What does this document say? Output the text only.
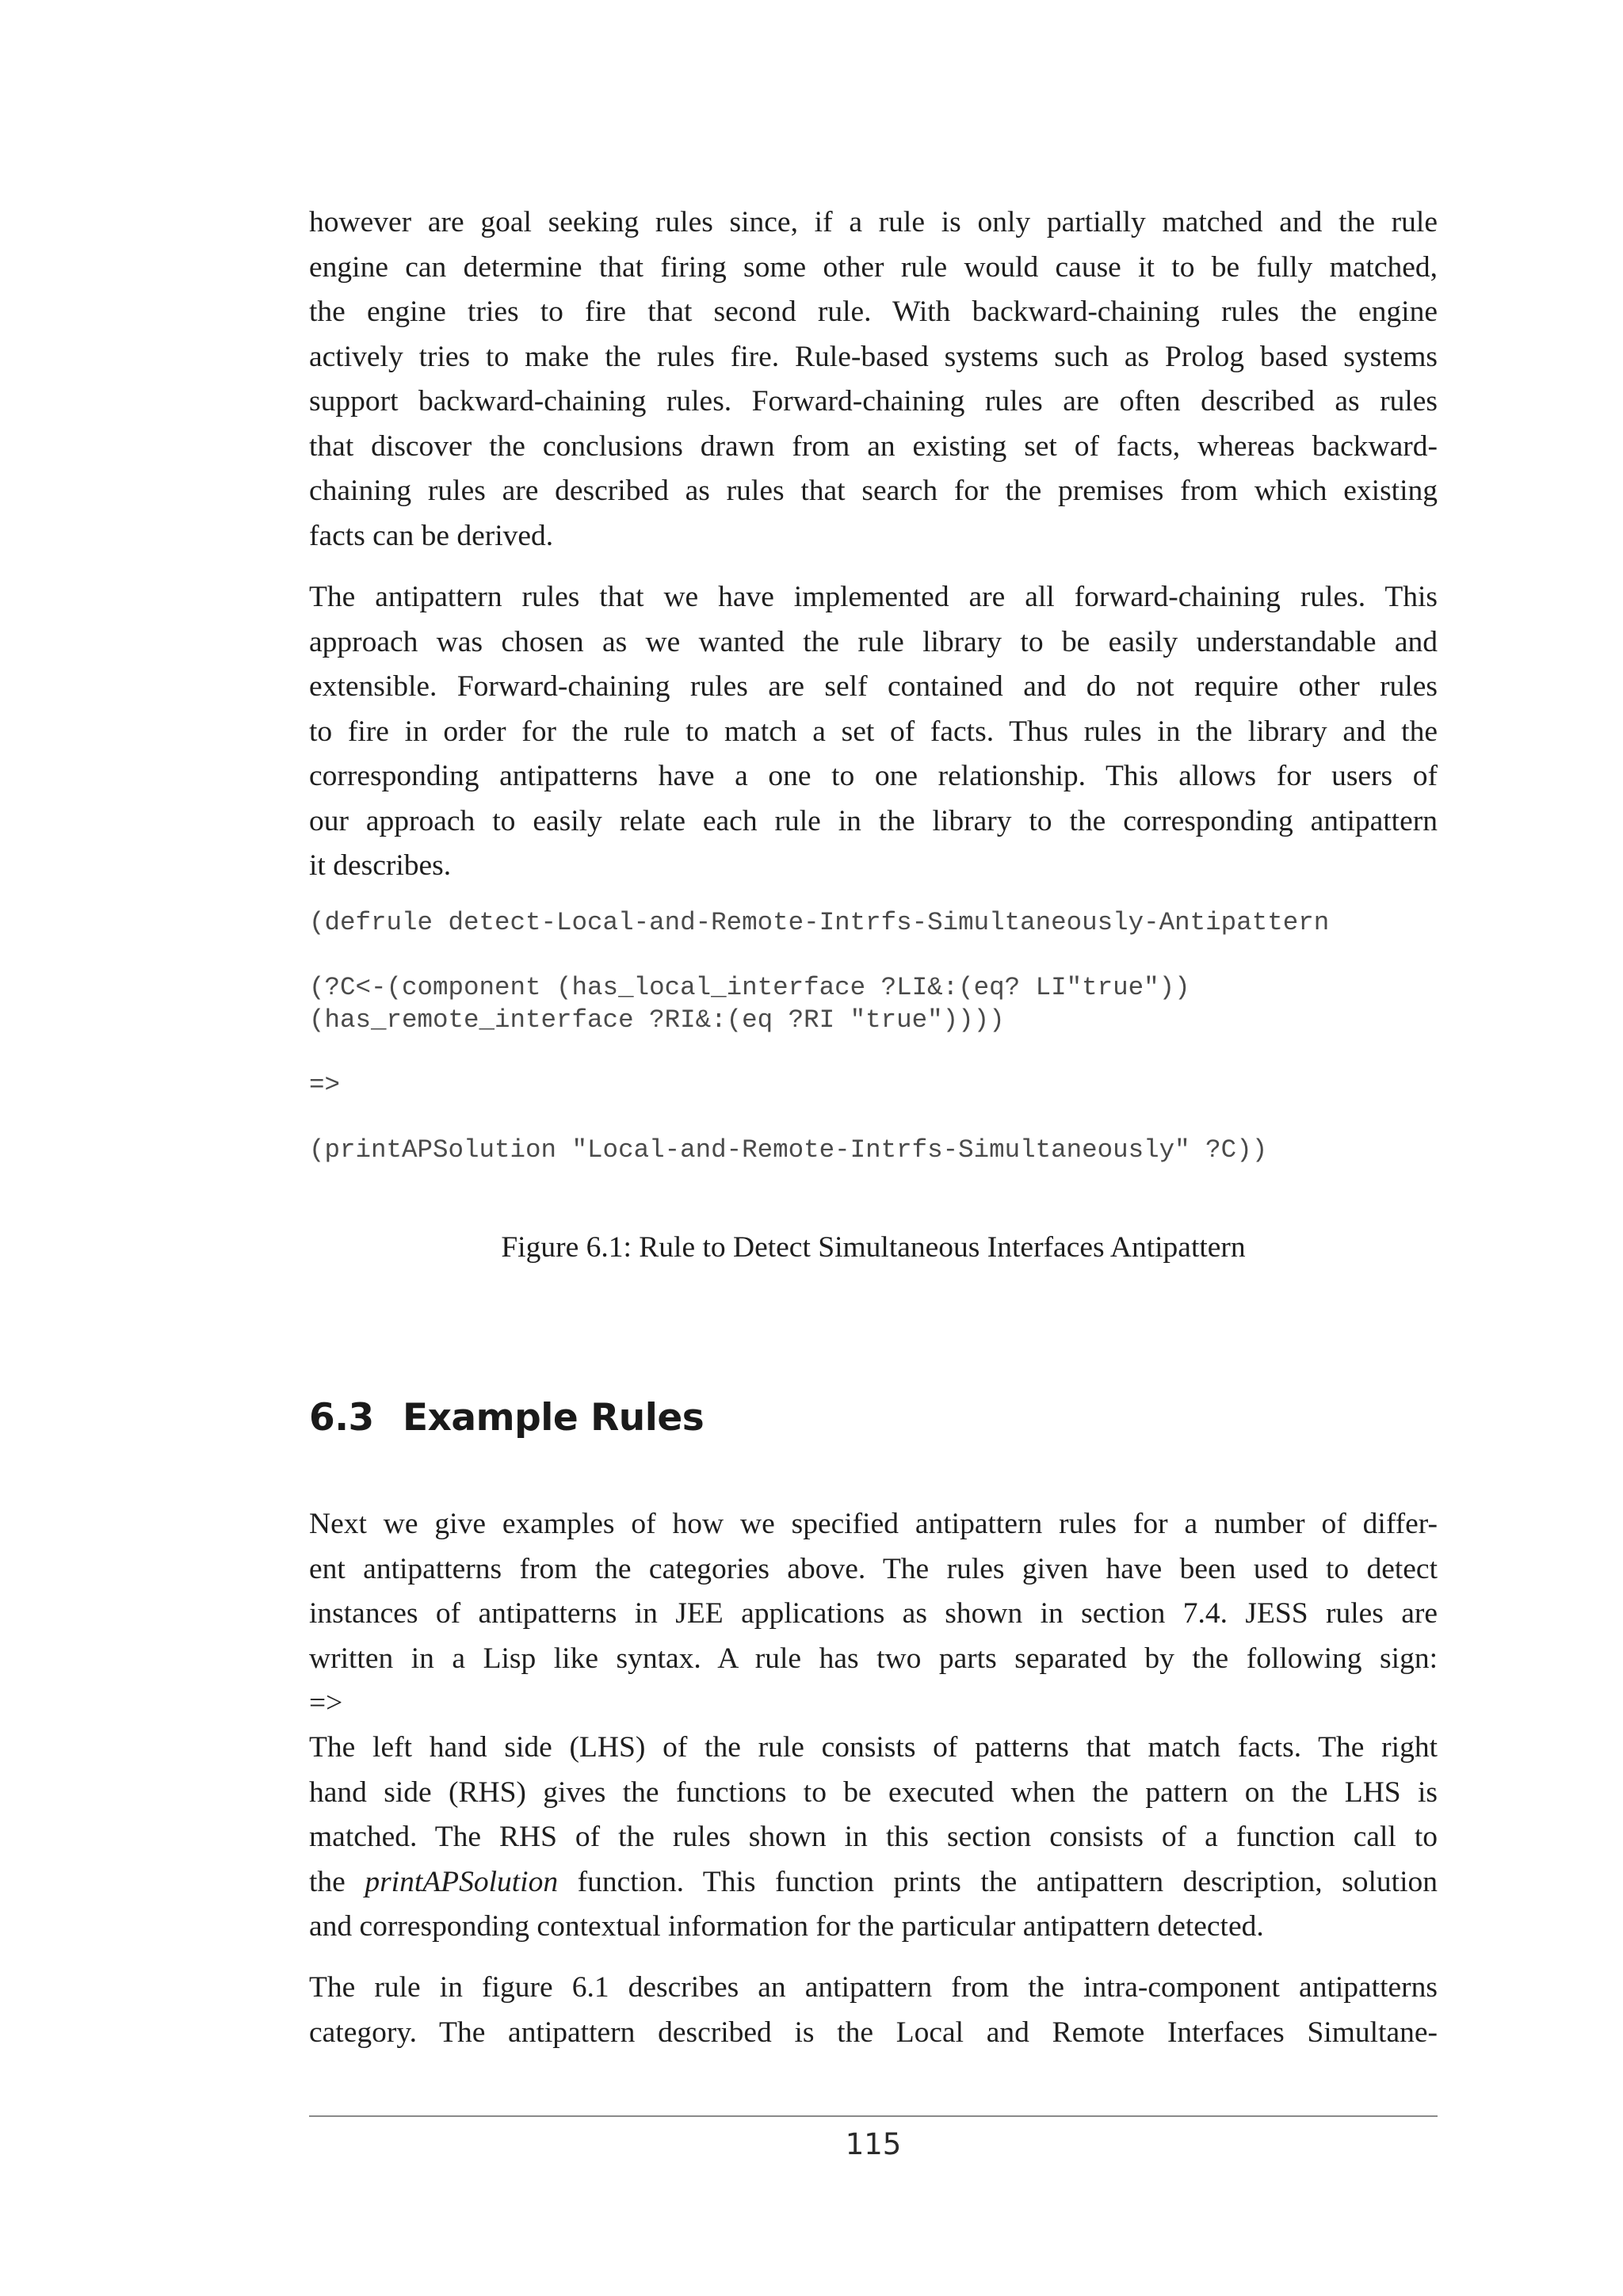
however are goal seeking rules since, if a rule is only partially matched and the rule
engine can determine that firing some other rule would cause it to be fully matched,
the engine tries to fire that second rule. With backward-chaining rules the engine
actively tries to make the rules fire. Rule-based systems such as Prolog based systems
support backward-chaining rules. Forward-chaining rules are often described as rules
that discover the conclusions drawn from an existing set of facts, whereas backward-
chaining rules are described as rules that search for the premises from which existing
facts can be derived.
The antipattern rules that we have implemented are all forward-chaining rules. This
approach was chosen as we wanted the rule library to be easily understandable and
extensible. Forward-chaining rules are self contained and do not require other rules
to fire in order for the rule to match a set of facts. Thus rules in the library and the
corresponding antipatterns have a one to one relationship. This allows for users of
our approach to easily relate each rule in the library to the corresponding antipattern
it describes.
(defrule detect-Local-and-Remote-Intrfs-Simultaneously-Antipattern
(?C<-(component (has_local_interface ?LI&:(eq? LI"true"))
(has_remote_interface ?RI&:(eq ?RI "true"))))
=>
(printAPSolution "Local-and-Remote-Intrfs-Simultaneously" ?C))

Figure 6.1: Rule to Detect Simultaneous Interfaces Antipattern

6.3 Example Rules
Next we give examples of how we specified antipattern rules for a number of differ-
ent antipatterns from the categories above. The rules given have been used to detect
instances of antipatterns in JEE applications as shown in section 7.4. JESS rules are
written in a Lisp like syntax. A rule has two parts separated by the following sign:
=>
The left hand side (LHS) of the rule consists of patterns that match facts. The right
hand side (RHS) gives the functions to be executed when the pattern on the LHS is
matched. The RHS of the rules shown in this section consists of a function call to
the printAPSolution function. This function prints the antipattern description, solution
and corresponding contextual information for the particular antipattern detected.
The rule in figure 6.1 describes an antipattern from the intra-component antipatterns
category. The antipattern described is the Local and Remote Interfaces Simultane-
115
